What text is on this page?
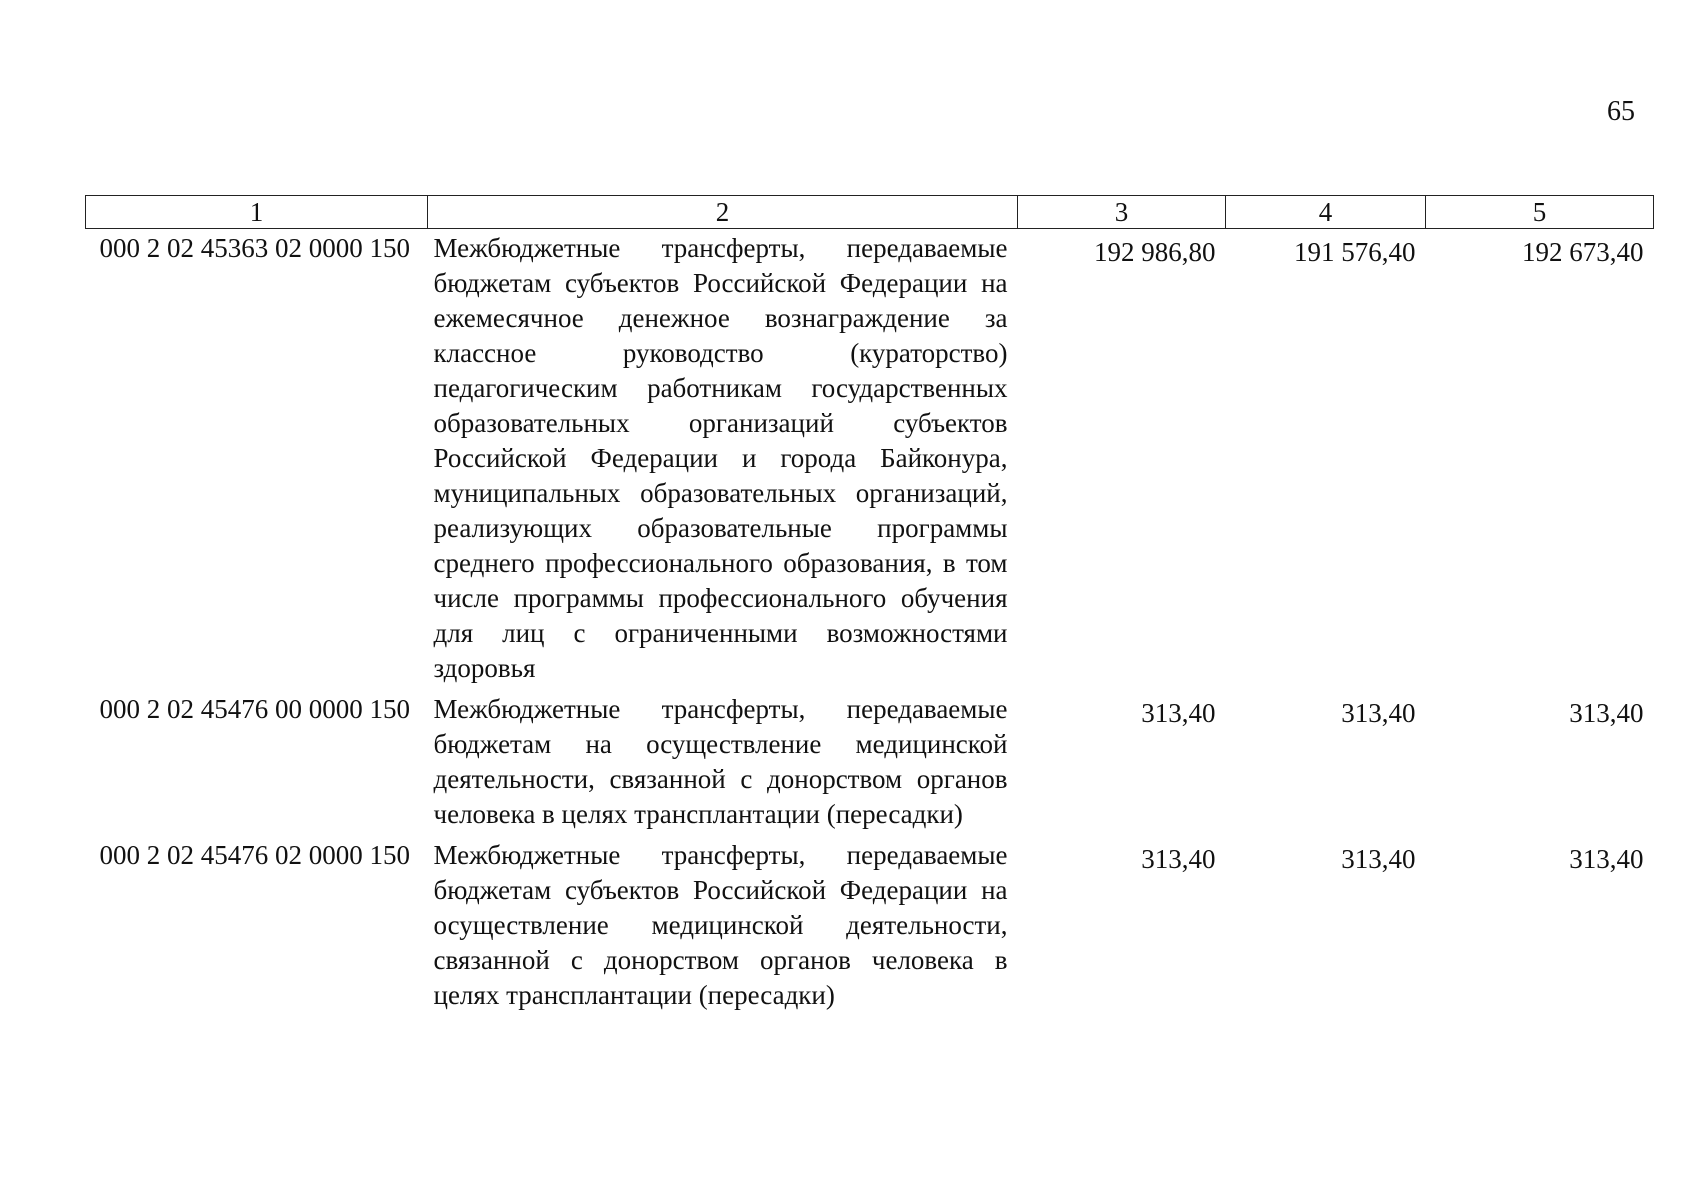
65
1	2	3	4	5
000 2 02 45363 02 0000 150	Межбюджетные трансферты, передаваемые бюджетам субъектов Российской Федерации на ежемесячное денежное вознаграждение за классное руководство (кураторство) педагогическим работникам государственных образовательных организаций субъектов Российской Федерации и города Байконура, муниципальных образовательных организаций, реализующих образовательные программы среднего профессионального образования, в том числе программы профессионального обучения для лиц с ограниченными возможностями здоровья	192 986,80	191 576,40	192 673,40
000 2 02 45476 00 0000 150	Межбюджетные трансферты, передаваемые бюджетам на осуществление медицинской деятельности, связанной с донорством органов человека в целях трансплантации (пересадки)	313,40	313,40	313,40
000 2 02 45476 02 0000 150	Межбюджетные трансферты, передаваемые бюджетам субъектов Российской Федерации на осуществление медицинской деятельности, связанной с донорством органов человека в целях трансплантации (пересадки)	313,40	313,40	313,40
